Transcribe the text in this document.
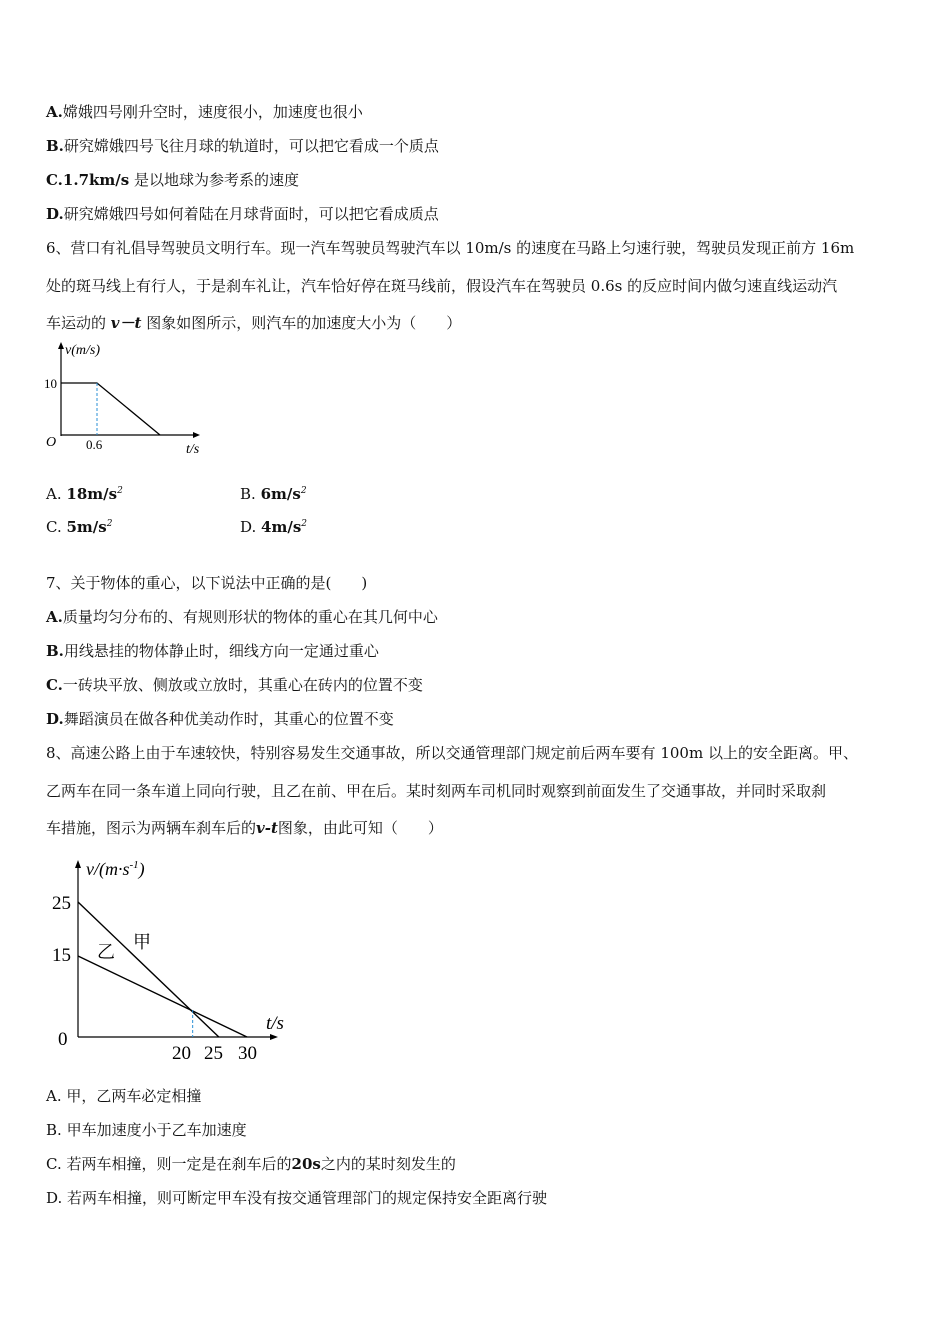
A.嫦娥四号刚升空时，速度很小，加速度也很小
B.研究嫦娥四号飞往月球的轨道时，可以把它看成一个质点
C.1.7km/s 是以地球为参考系的速度
D.研究嫦娥四号如何着陆在月球背面时，可以把它看成质点
6、营口有礼倡导驾驶员文明行车。现一汽车驾驶员驾驶汽车以 10m/s 的速度在马路上匀速行驶，驾驶员发现正前方 16m
处的斑马线上有行人，于是刹车礼让，汽车恰好停在斑马线前，假设汽车在驾驶员 0.6s 的反应时间内做匀速直线运动汽
车运动的 v－t 图象如图所示，则汽车的加速度大小为（　　）
v(m/s)
O
10
0.6	t/s
A. $18m/s^2$	B. $6m/s^2$
C. $5m/s^2$	D. $4m/s^2$
7、关于物体的重心，以下说法中正确的是(　　)
A.质量均匀分布的、有规则形状的物体的重心在其几何中心
B.用线悬挂的物体静止时，细线方向一定通过重心
C.一砖块平放、侧放或立放时，其重心在砖内的位置不变
D.舞蹈演员在做各种优美动作时，其重心的位置不变
8、高速公路上由于车速较快，特别容易发生交通事故，所以交通管理部门规定前后两车要有 100m 以上的安全距离。甲、
乙两车在同一条车道上同向行驶，且乙在前、甲在后。某时刻两车司机同时观察到前面发生了交通事故，并同时采取刹
车措施，图示为两辆车刹车后的v-t图象，由此可知（　　）
$v/(m\cdot s^{-1})$
25
15
0
20 25 30
t/s
甲
乙
A. 甲，乙两车必定相撞
B. 甲车加速度小于乙车加速度
C. 若两车相撞，则一定是在刹车后的20s之内的某时刻发生的
D. 若两车相撞，则可断定甲车没有按交通管理部门的规定保持安全距离行驶
